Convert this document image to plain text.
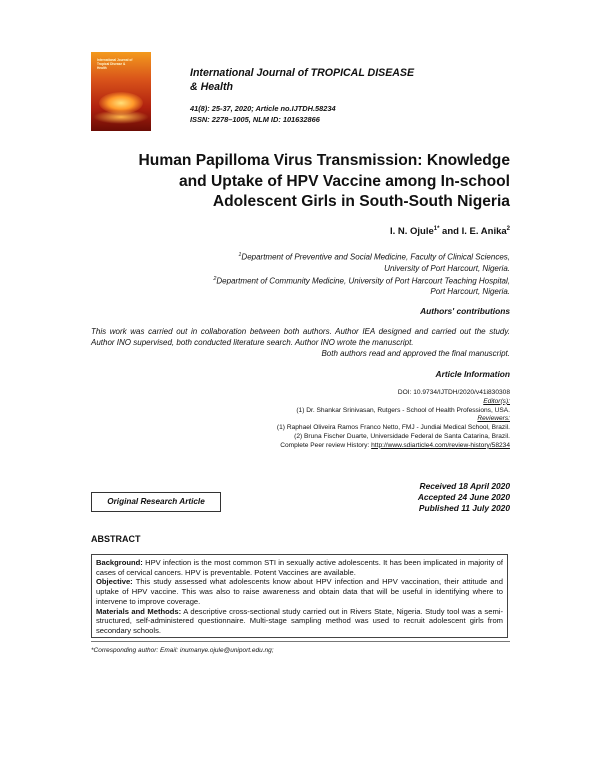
International Journal of
Tropical Disease &
Health	International Journal of TROPICAL DISEASE
& Health
41(8): 25-37, 2020; Article no.IJTDH.58234
ISSN: 2278–1005, NLM ID: 101632866
Human Papilloma Virus Transmission: Knowledge
and Uptake of HPV Vaccine among In-school
Adolescent Girls in South-South Nigeria
I. N. Ojule$^{1*}$ and I. E. Anika$^2$
$^1$Department of Preventive and Social Medicine, Faculty of Clinical Sciences,
University of Port Harcourt, Nigeria.
$^2$Department of Community Medicine, University of Port Harcourt Teaching Hospital,
Port Harcourt, Nigeria.
Authors' contributions
This work was carried out in collaboration between both authors. Author IEA designed and carried out the study. Author INO supervised, both conducted literature search. Author INO wrote the manuscript.
Both authors read and approved the final manuscript.
Article Information
DOI: 10.9734/IJTDH/2020/v41i830308
Editor(s):
(1) Dr. Shankar Srinivasan, Rutgers - School of Health Professions, USA.
Reviewers:
(1) Raphael Oliveira Ramos Franco Netto, FMJ - Jundiai Medical School, Brazil.
(2) Bruna Fischer Duarte, Universidade Federal de Santa Catarina, Brazil.
Complete Peer review History: http://www.sdiarticle4.com/review-history/58234
Received 18 April 2020
Accepted 24 June 2020
Published 11 July 2020
Original Research Article
ABSTRACT

Background: HPV infection is the most common STI in sexually active adolescents. It has been implicated in majority of cases of cervical cancers. HPV is preventable. Potent Vaccines are available.

Objective: This study assessed what adolescents know about HPV infection and HPV vaccination, their attitude and uptake of HPV vaccine. This was also to raise awareness and obtain data that will be useful in identifying where to intervene to improve coverage.

Materials and Methods: A descriptive cross-sectional study carried out in Rivers State, Nigeria. Study tool was a semi-structured, self-administered questionnaire. Multi-stage sampling method was used to recruit adolescent girls from secondary schools.

*Corresponding author: Email: inumanye.ojule@uniport.edu.ng;
